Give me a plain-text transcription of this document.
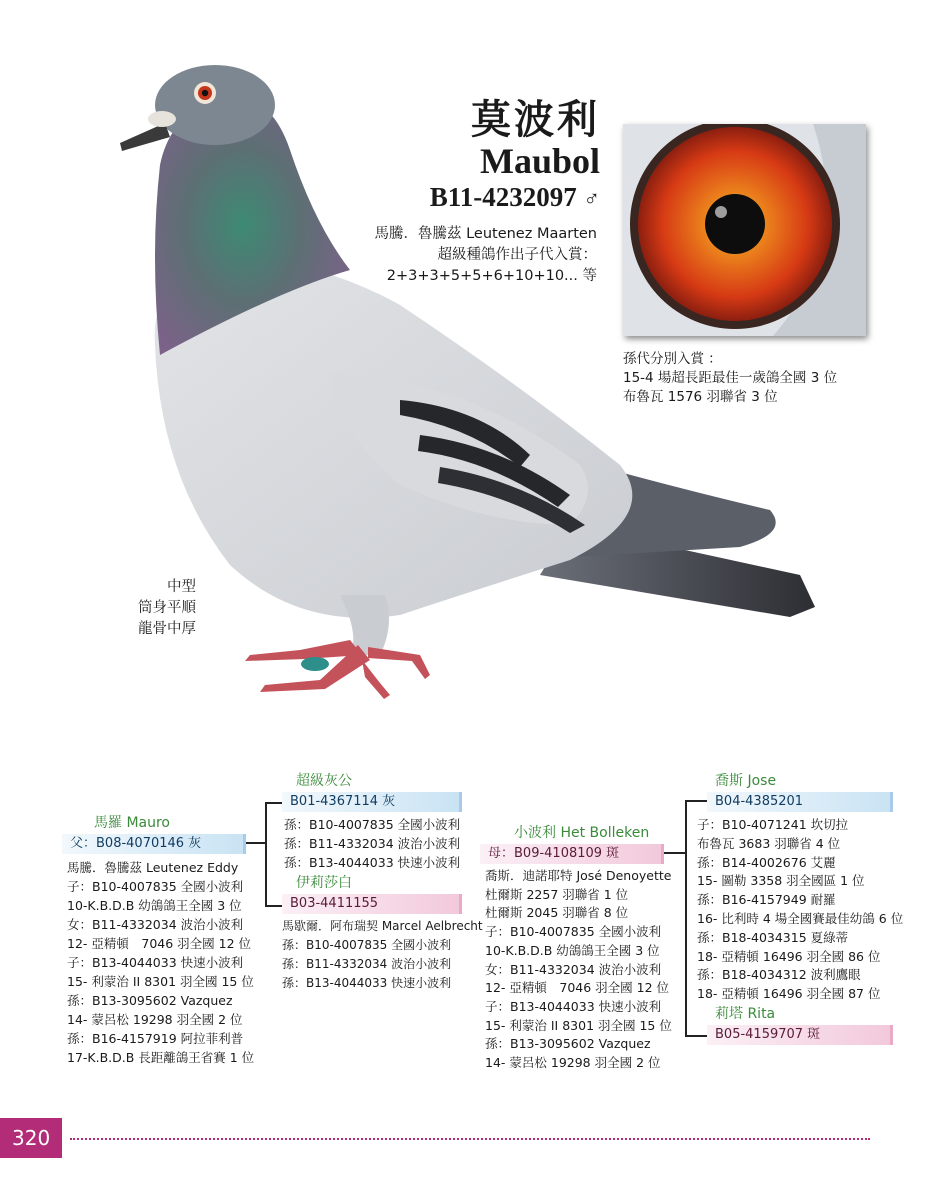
莫波利
Maubol
B11-4232097 ♂
馬騰．魯騰茲 Leutenez Maarten
超級種鴿作出子代入賞：
2+3+3+5+5+6+10+10... 等
孫代分別入賞 ：
15-4 場超長距最佳一歲鴿全國 3 位
布魯瓦 1576 羽聯省 3 位
中型
筒身平順
龍骨中厚
馬羅 Mauro
父：B08-4070146 灰
馬騰．魯騰茲 Leutenez Eddy
子：B10-4007835 全國小波利
10-K.B.D.B 幼鴿鴿王全國 3 位
女：B11-4332034 波治小波利
12- 亞精頓　7046 羽全國 12 位
子：B13-4044033 快速小波利
15- 利蒙治 II 8301 羽全國 15 位
孫：B13-3095602 Vazquez
14- 蒙呂松 19298 羽全國 2 位
孫：B16-4157919 阿拉菲利普
17-K.B.D.B 長距離鴿王省賽 1 位
超級灰公
B01-4367114 灰
孫：B10-4007835 全國小波利
孫：B11-4332034 波治小波利
孫：B13-4044033 快速小波利
伊莉莎白
B03-4411155
馬歇爾．阿布瑞契 Marcel Aelbrecht
孫：B10-4007835 全國小波利
孫：B11-4332034 波治小波利
孫：B13-4044033 快速小波利
小波利 Het Bolleken
母：B09-4108109 斑
喬斯．迪諾耶特 José Denoyette
杜爾斯 2257 羽聯省 1 位
杜爾斯 2045 羽聯省 8 位
子：B10-4007835 全國小波利
10-K.B.D.B 幼鴿鴿王全國 3 位
女：B11-4332034 波治小波利
12- 亞精頓　7046 羽全國 12 位
子：B13-4044033 快速小波利
15- 利蒙治 II 8301 羽全國 15 位
孫：B13-3095602 Vazquez
14- 蒙呂松 19298 羽全國 2 位
喬斯 Jose
B04-4385201
子：B10-4071241 坎切拉
布魯瓦 3683 羽聯省 4 位
孫：B14-4002676 艾麗
15- 圖勒 3358 羽全國區 1 位
孫：B16-4157949 耐羅
16- 比利時 4 場全國賽最佳幼鴿 6 位
孫：B18-4034315 夏綠蒂
18- 亞精頓 16496 羽全國 86 位
孫：B18-4034312 波利鷹眼
18- 亞精頓 16496 羽全國 87 位
莉塔 Rita
B05-4159707 斑
320
